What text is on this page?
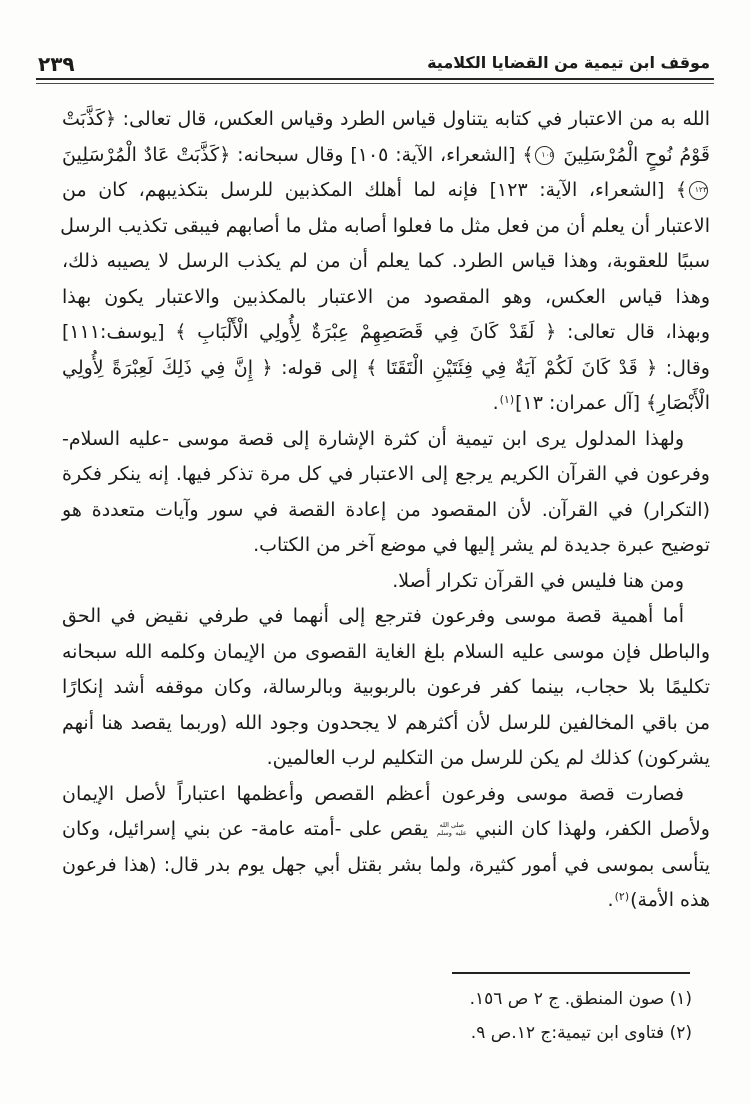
موقف ابن تيمية من القضايا الكلامية
٢٣٩
الله به من الاعتبار في كتابه يتناول قياس الطرد وقياس العكس، قال تعالى: ﴿كَذَّبَتْ
قَوْمُ نُوحٍ الْمُرْسَلِينَ ١٠٥﴾ [الشعراء، الآية: ١٠٥] وقال سبحانه: ﴿كَذَّبَتْ عَادٌ الْمُرْسَلِينَ
١٢٣﴾ [الشعراء، الآية: ١٢٣] فإنه لما أهلك المكذبين للرسل بتكذيبهم، كان من
الاعتبار أن يعلم أن من فعل مثل ما فعلوا أصابه مثل ما أصابهم فيبقى تكذيب الرسل
سببًا للعقوبة، وهذا قياس الطرد. كما يعلم أن من لم يكذب الرسل لا يصيبه ذلك،
وهذا قياس العكس، وهو المقصود من الاعتبار بالمكذبين والاعتبار يكون بهذا
وبهذا، قال تعالى: ﴿ لَقَدْ كَانَ فِي قَصَصِهِمْ عِبْرَةٌ لِأُولِي الْأَلْبَابِ ﴾ [يوسف:١١١]
وقال: ﴿ قَدْ كَانَ لَكُمْ آيَةٌ فِي فِئَتَيْنِ الْتَقَتَا ﴾ إلى قوله: ﴿ إِنَّ فِي ذَلِكَ لَعِبْرَةً لِأُولِي
الْأَبْصَارِ﴾ [آل عمران: ١٣]$^{(١)}$.
ولهذا المدلول يرى ابن تيمية أن كثرة الإشارة إلى قصة موسى -عليه السلام-
وفرعون في القرآن الكريم يرجع إلى الاعتبار في كل مرة تذكر فيها. إنه ينكر فكرة
(التكرار) في القرآن. لأن المقصود من إعادة القصة في سور وآيات متعددة هو
توضيح عبرة جديدة لم يشر إليها في موضع آخر من الكتاب.
ومن هنا فليس في القرآن تكرار أصلا.
أما أهمية قصة موسى وفرعون فترجع إلى أنهما في طرفي نقيض في الحق
والباطل فإن موسى عليه السلام بلغ الغاية القصوى من الإيمان وكلمه الله سبحانه
تكليمًا بلا حجاب، بينما كفر فرعون بالربوبية وبالرسالة، وكان موقفه أشد إنكارًا
من باقي المخالفين للرسل لأن أكثرهم لا يجحدون وجود الله (وربما يقصد هنا أنهم
يشركون) كذلك لم يكن للرسل من التكليم لرب العالمين.
فصارت قصة موسى وفرعون أعظم القصص وأعظمها اعتباراً لأصل الإيمان
ولأصل الكفر، ولهذا كان النبي صلى الله عليه وسلم يقص على -أمته عامة- عن بني إسرائيل، وكان
يتأسى بموسى في أمور كثيرة، ولما بشر بقتل أبي جهل يوم بدر قال: (هذا فرعون
هذه الأمة)$^{(٢)}$.
(١) صون المنطق. ج ٢ ص ١٥٦.
(٢) فتاوى ابن تيمية:ج ١٢.ص ٩.
